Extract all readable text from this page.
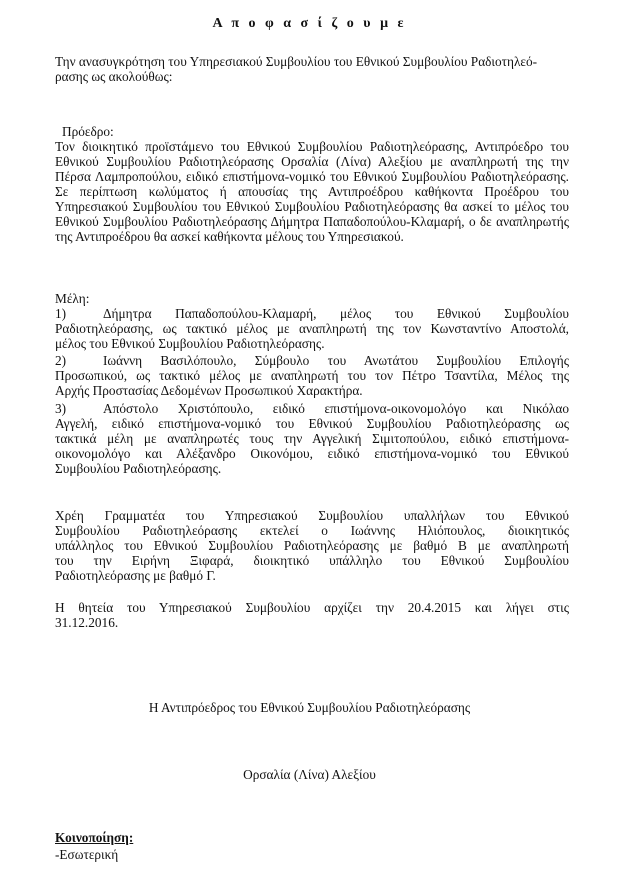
Α π ο φ α σ ί ζ ο υ μ ε
Την ανασυγκρότηση του Υπηρεσιακού Συμβουλίου του Εθνικού Συμβουλίου Ραδιοτηλεό-
ρασης ως ακολούθως:
Πρόεδρο:
Τον διοικητικό προϊστάμενο του Εθνικού Συμβουλίου Ραδιοτηλεόρασης, Αντιπρόεδρο του
Εθνικού Συμβουλίου Ραδιοτηλεόρασης Ορσαλία (Λίνα) Αλεξίου με αναπληρωτή της την
Πέρσα Λαμπροπούλου, ειδικό επιστήμονα-νομικό του Εθνικού Συμβουλίου Ραδιοτηλεόρασης.
Σε περίπτωση κωλύματος ή απουσίας της Αντιπροέδρου καθήκοντα Προέδρου του
Υπηρεσιακού Συμβουλίου του Εθνικού Συμβουλίου Ραδιοτηλεόρασης θα ασκεί το μέλος του
Εθνικού Συμβουλίου Ραδιοτηλεόρασης Δήμητρα Παπαδοπούλου-Κλαμαρή, ο δε αναπληρωτής
της Αντιπροέδρου θα ασκεί καθήκοντα μέλους του Υπηρεσιακού.
Μέλη:
1)	Δήμητρα Παπαδοπούλου-Κλαμαρή, μέλος του Εθνικού Συμβουλίου
Ραδιοτηλεόρασης, ως τακτικό μέλος με αναπληρωτή της τον Κωνσταντίνο Αποστολά,
μέλος του Εθνικού Συμβουλίου Ραδιοτηλεόρασης.
2)	Ιωάννη Βασιλόπουλο, Σύμβουλο του Ανωτάτου Συμβουλίου Επιλογής
Προσωπικού, ως τακτικό μέλος με αναπληρωτή του τον Πέτρο Τσαντίλα, Μέλος της
Αρχής Προστασίας Δεδομένων Προσωπικού Χαρακτήρα.
3)	Απόστολο Χριστόπουλο, ειδικό επιστήμονα-οικονομολόγο και Νικόλαο
Αγγελή, ειδικό επιστήμονα-νομικό του Εθνικού Συμβουλίου Ραδιοτηλεόρασης ως
τακτικά μέλη με αναπληρωτές τους την Αγγελική Σιμιτοπούλου, ειδικό επιστήμονα-
οικονομολόγο και Αλέξανδρο Οικονόμου, ειδικό επιστήμονα-νομικό του Εθνικού
Συμβουλίου Ραδιοτηλεόρασης.
Χρέη Γραμματέα του Υπηρεσιακού Συμβουλίου υπαλλήλων του Εθνικού
Συμβουλίου Ραδιοτηλεόρασης εκτελεί ο Ιωάννης Ηλιόπουλος, διοικητικός
υπάλληλος του Εθνικού Συμβουλίου Ραδιοτηλεόρασης με βαθμό Β με αναπληρωτή
του την Ειρήνη Ξιφαρά, διοικητικό υπάλληλο του Εθνικού Συμβουλίου
Ραδιοτηλεόρασης με βαθμό Γ.
Η θητεία του Υπηρεσιακού Συμβουλίου αρχίζει την 20.4.2015 και λήγει στις
31.12.2016.
Η Αντιπρόεδρος του Εθνικού Συμβουλίου Ραδιοτηλεόρασης
Ορσαλία (Λίνα) Αλεξίου
Κοινοποίηση:
-Εσωτερική
